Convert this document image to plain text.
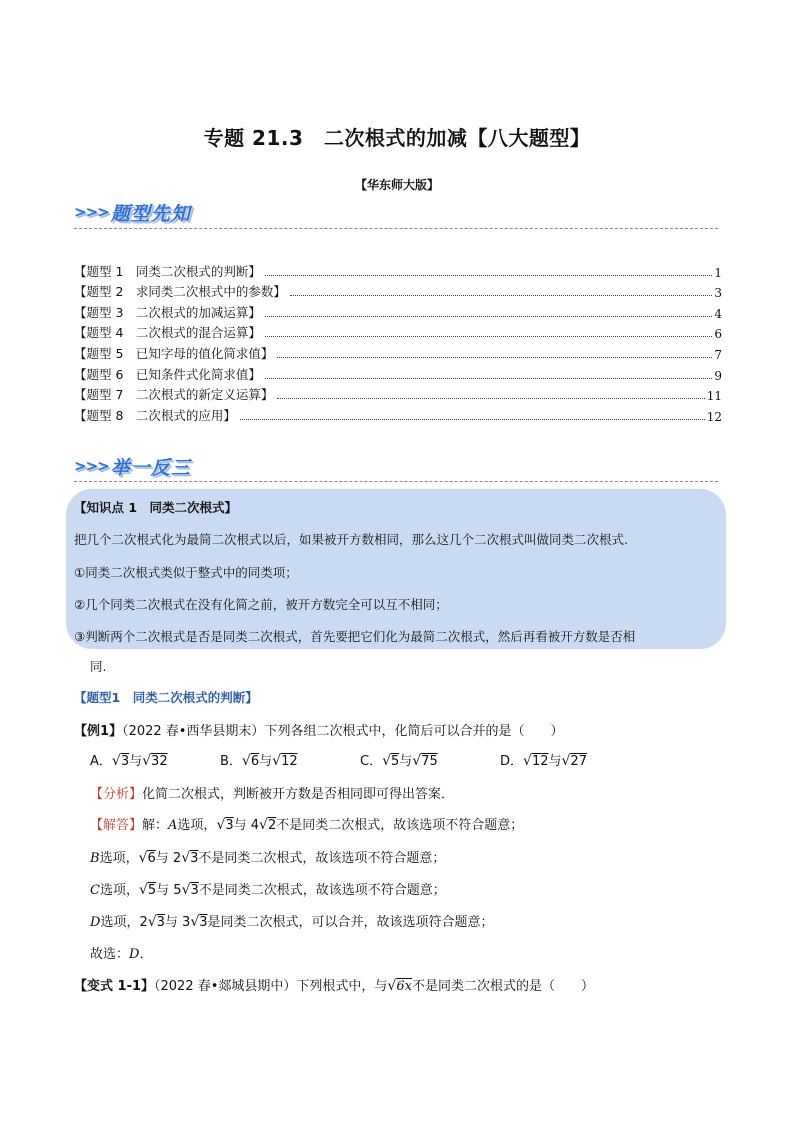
专题 21.3　二次根式的加减【八大题型】
【华东师大版】
>>> 题型先知
【题型 1　同类二次根式的判断】	1
【题型 2　求同类二次根式中的参数】	3
【题型 3　二次根式的加减运算】	4
【题型 4　二次根式的混合运算】	6
【题型 5　已知字母的值化简求值】	7
【题型 6　已知条件式化简求值】	9
【题型 7　二次根式的新定义运算】	11
【题型 8　二次根式的应用】	12
>>> 举一反三
【知识点 1　同类二次根式】
把几个二次根式化为最简二次根式以后，如果被开方数相同，那么这几个二次根式叫做同类二次根式.
①同类二次根式类似于整式中的同类项；
②几个同类二次根式在没有化简之前，被开方数完全可以互不相同；
③判断两个二次根式是否是同类二次根式，首先要把它们化为最简二次根式，然后再看被开方数是否相
同.
【题型1　同类二次根式的判断】
【例1】（2022 春•西华县期末）下列各组二次根式中，化简后可以合并的是（　　）
A．√3与√32	B．√6与√12	C．√5与√75	D．√12与√27
【分析】化简二次根式，判断被开方数是否相同即可得出答案．
【解答】解：A选项，√3与 4√2不是同类二次根式，故该选项不符合题意；
B选项，√6与 2√3不是同类二次根式，故该选项不符合题意；
C选项，√5与 5√3不是同类二次根式，故该选项不符合题意；
D选项，2√3与 3√3是同类二次根式，可以合并，故该选项符合题意；
故选：D．
【变式 1-1】（2022 春•郯城县期中）下列根式中，与√6x不是同类二次根式的是（　　）
